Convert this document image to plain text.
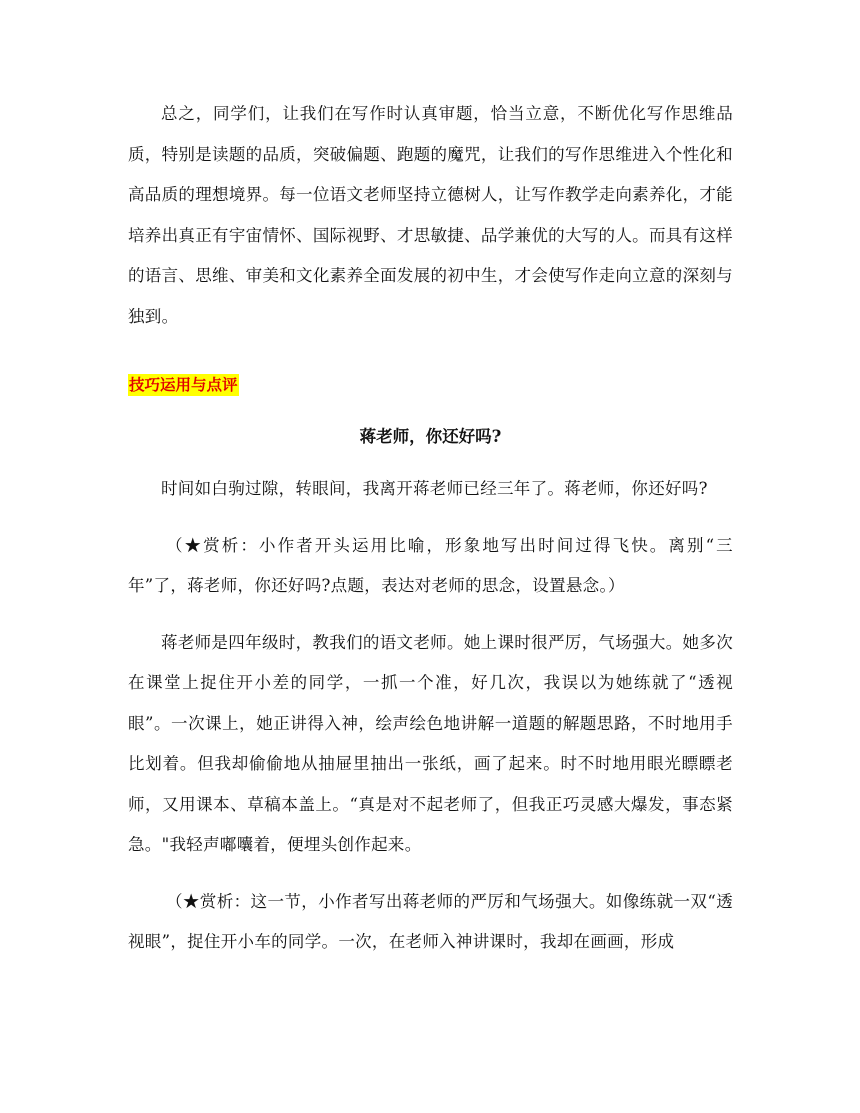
总之，同学们，让我们在写作时认真审题，恰当立意，不断优化写作思维品质，特别是读题的品质，突破偏题、跑题的魔咒，让我们的写作思维进入个性化和高品质的理想境界。每一位语文老师坚持立德树人，让写作教学走向素养化，才能培养出真正有宇宙情怀、国际视野、才思敏捷、品学兼优的大写的人。而具有这样的语言、思维、审美和文化素养全面发展的初中生，才会使写作走向立意的深刻与独到。

技巧运用与点评

蒋老师，你还好吗?

时间如白驹过隙，转眼间，我离开蒋老师已经三年了。蒋老师，你还好吗?

（★赏析：小作者开头运用比喻，形象地写出时间过得飞快。离别“三年”了，蒋老师，你还好吗?点题，表达对老师的思念，设置悬念。）

蒋老师是四年级时，教我们的语文老师。她上课时很严厉，气场强大。她多次在课堂上捉住开小差的同学，一抓一个准，好几次，我误以为她练就了“透视眼”。一次课上，她正讲得入神，绘声绘色地讲解一道题的解题思路，不时地用手比划着。但我却偷偷地从抽屉里抽出一张纸，画了起来。时不时地用眼光瞟瞟老师，又用课本、草稿本盖上。“真是对不起老师了，但我正巧灵感大爆发，事态紧急。"我轻声嘟囔着，便埋头创作起来。

（★赏析：这一节，小作者写出蒋老师的严厉和气场强大。如像练就一双“透视眼”，捉住开小车的同学。一次，在老师入神讲课时，我却在画画，形成
